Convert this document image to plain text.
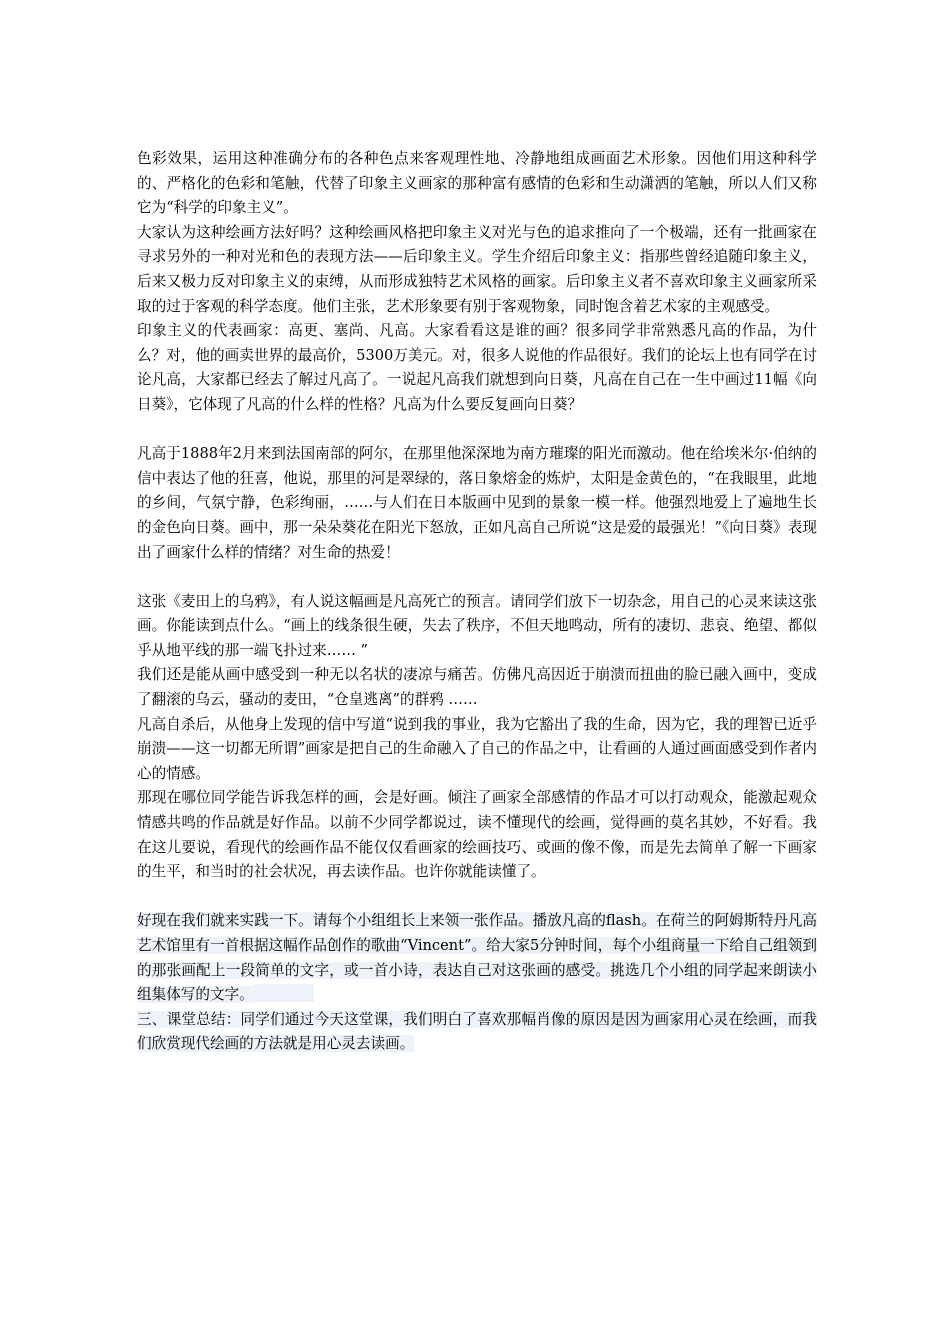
色彩效果，运用这种准确分布的各种色点来客观理性地、冷静地组成画面艺术形象。因他们用这种科学的、严格化的色彩和笔触，代替了印象主义画家的那种富有感情的色彩和生动潇洒的笔触，所以人们又称它为“科学的印象主义”。

大家认为这种绘画方法好吗？这种绘画风格把印象主义对光与色的追求推向了一个极端，还有一批画家在寻求另外的一种对光和色的表现方法——后印象主义。学生介绍后印象主义：指那些曾经追随印象主义，后来又极力反对印象主义的束缚，从而形成独特艺术风格的画家。后印象主义者不喜欢印象主义画家所采取的过于客观的科学态度。他们主张，艺术形象要有别于客观物象，同时饱含着艺术家的主观感受。

印象主义的代表画家：高更、塞尚、凡高。大家看看这是谁的画？很多同学非常熟悉凡高的作品，为什么？对，他的画卖世界的最高价，5300万美元。对，很多人说他的作品很好。我们的论坛上也有同学在讨论凡高，大家都已经去了解过凡高了。一说起凡高我们就想到向日葵，凡高在自己在一生中画过11幅《向日葵》，它体现了凡高的什么样的性格？凡高为什么要反复画向日葵？

凡高于1888年2月来到法国南部的阿尔，在那里他深深地为南方璀璨的阳光而激动。他在给埃米尔·伯纳的信中表达了他的狂喜，他说，那里的河是翠绿的，落日象熔金的炼炉，太阳是金黄色的，“在我眼里，此地的乡间，气氛宁静，色彩绚丽，……与人们在日本版画中见到的景象一模一样。他强烈地爱上了遍地生长的金色向日葵。画中，那一朵朵葵花在阳光下怒放，正如凡高自己所说“这是爱的最强光！”《向日葵》表现出了画家什么样的情绪？对生命的热爱！

这张《麦田上的乌鸦》，有人说这幅画是凡高死亡的预言。请同学们放下一切杂念，用自己的心灵来读这张画。你能读到点什么。“画上的线条很生硬，失去了秩序，不但天地鸣动，所有的凄切、悲哀、绝望、都似乎从地平线的那一端飞扑过来…… ”

我们还是能从画中感受到一种无以名状的凄凉与痛苦。仿佛凡高因近于崩溃而扭曲的脸已融入画中，变成了翻滚的乌云，骚动的麦田，“仓皇逃离”的群鸦 ……

凡高自杀后，从他身上发现的信中写道“说到我的事业，我为它豁出了我的生命，因为它，我的理智已近乎崩溃——这一切都无所谓”画家是把自己的生命融入了自己的作品之中，让看画的人通过画面感受到作者内心的情感。

那现在哪位同学能告诉我怎样的画，会是好画。倾注了画家全部感情的作品才可以打动观众，能激起观众情感共鸣的作品就是好作品。以前不少同学都说过，读不懂现代的绘画，觉得画的莫名其妙，不好看。我在这儿要说，看现代的绘画作品不能仅仅看画家的绘画技巧、或画的像不像，而是先去简单了解一下画家的生平，和当时的社会状况，再去读作品。也许你就能读懂了。

好现在我们就来实践一下。请每个小组组长上来领一张作品。播放凡高的flash。在荷兰的阿姆斯特丹凡高艺术馆里有一首根据这幅作品创作的歌曲“Vincent”。给大家5分钟时间，每个小组商量一下给自己组领到的那张画配上一段简单的文字，或一首小诗，表达自己对这张画的感受。挑选几个小组的同学起来朗读小组集体写的文字。

三、课堂总结：同学们通过今天这堂课，我们明白了喜欢那幅肖像的原因是因为画家用心灵在绘画，而我们欣赏现代绘画的方法就是用心灵去读画。
